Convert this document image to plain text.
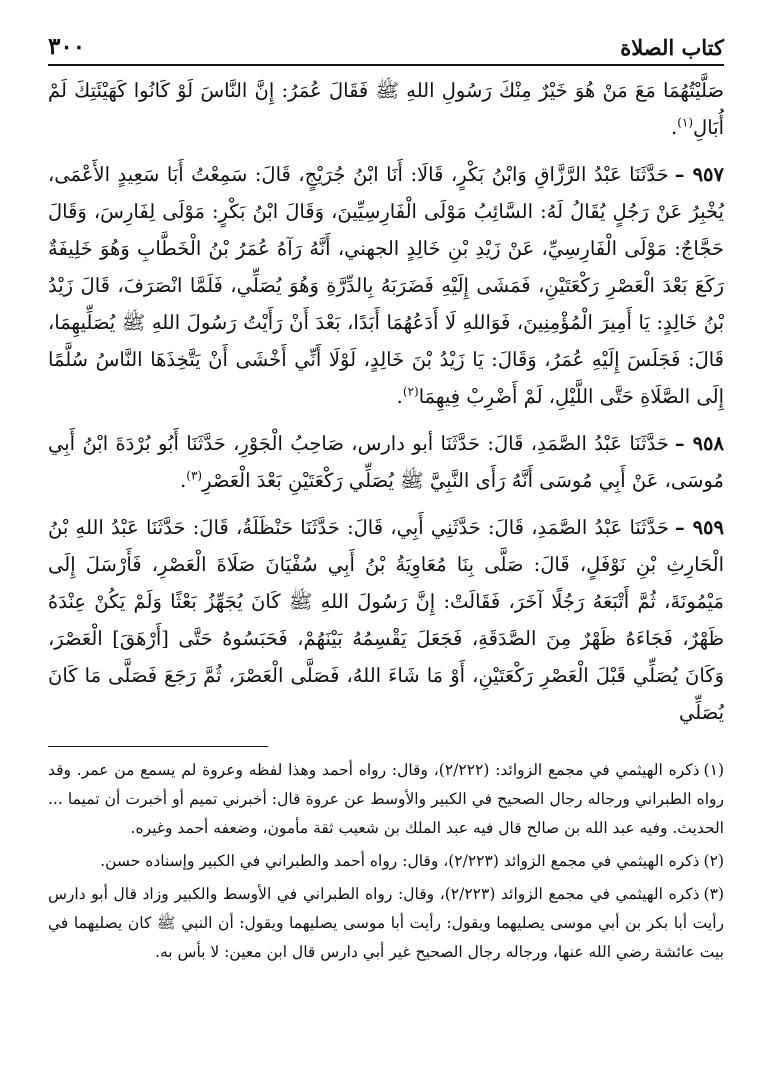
كتاب الصلاة
٣٠٠

صَلَّيْتُهُمَا مَعَ مَنْ هُوَ خَيْرٌ مِنْكَ رَسُولِ اللهِ ﷺ فَقَالَ عُمَرُ: إِنَّ النَّاسَ لَوْ كَانُوا كَهَيْئَتِكَ لَمْ أُبَالِ$^{(١)}$.

٩٥٧ –حَدَّثَنَا عَبْدُ الرَّزَّاقِ وَابْنُ بَكْرٍ، قَالَا: أَنَا ابْنُ جُرَيْجٍ، قَالَ: سَمِعْتُ أَبَا سَعِيدٍ الأَعْمَى، يُخْبِرُ عَنْ رَجُلٍ يُقَالُ لَهُ: السَّائِبُ مَوْلَى الْفَارِسِيِّينَ، وَقَالَ ابْنُ بَكْرٍ: مَوْلَى لِفَارِسَ، وَقَالَ حَجَّاجٌ: مَوْلَى الْفَارِسِيِّ، عَنْ زَيْدِ بْنِ خَالِدٍ الجهني، أَنَّهُ رَآهُ عُمَرُ بْنُ الْخَطَّابِ وَهُوَ خَلِيفَةٌ رَكَعَ بَعْدَ الْعَصْرِ رَكْعَتَيْنِ، فَمَشَى إِلَيْهِ فَضَرَبَهُ بِالدِّرَّةِ وَهُوَ يُصَلِّي، فَلَمَّا انْصَرَفَ، قَالَ زَيْدُ بْنُ خَالِدٍ: يَا أَمِيرَ الْمُؤْمِنِينَ، فَوَاللهِ لَا أَدَعُهُمَا أَبَدًا، بَعْدَ أَنْ رَأَيْتُ رَسُولَ اللهِ ﷺ يُصَلِّيهِمَا، قَالَ: فَجَلَسَ إِلَيْهِ عُمَرُ، وَقَالَ: يَا زَيْدُ بْنَ خَالِدٍ، لَوْلَا أَنِّي أَخْشَى أَنْ يَتَّخِذَهَا النَّاسُ سُلَّمًا إِلَى الصَّلَاةِ حَتَّى اللَّيْلِ، لَمْ أَضْرِبْ فِيهِمَا$^{(٢)}$.

٩٥٨ –حَدَّثَنَا عَبْدُ الصَّمَدِ، قَالَ: حَدَّثَنَا أبو دارس، صَاحِبُ الْجَوْرِ، حَدَّثَنَا أَبُو بُرْدَةَ ابْنُ أَبِي مُوسَى، عَنْ أَبِي مُوسَى أَنَّهُ رَأَى النَّبِيَّ ﷺ يُصَلِّي رَكْعَتَيْنِ بَعْدَ الْعَصْرِ$^{(٣)}$.

٩٥٩ –حَدَّثَنَا عَبْدُ الصَّمَدِ، قَالَ: حَدَّثَنِي أَبِي، قَالَ: حَدَّثَنَا حَنْظَلَةُ، قَالَ: حَدَّثَنَا عَبْدُ اللهِ بْنُ الْحَارِثِ بْنِ نَوْفَلٍ، قَالَ: صَلَّى بِنَا مُعَاوِيَةُ بْنُ أَبِي سُفْيَانَ صَلَاةَ الْعَصْرِ، فَأَرْسَلَ إِلَى مَيْمُونَةَ، ثُمَّ أَتْبَعَهُ رَجُلًا آخَرَ، فَقَالَتْ: إِنَّ رَسُولَ اللهِ ﷺ كَانَ يُجَهِّزُ بَعْثًا وَلَمْ يَكُنْ عِنْدَهُ ظَهْرٌ، فَجَاءَهُ ظَهْرٌ مِنَ الصَّدَقَةِ، فَجَعَلَ يَقْسِمُهُ بَيْنَهُمْ، فَحَبَسُوهُ حَتَّى [أَرْهَقَ] الْعَصْرَ، وَكَانَ يُصَلِّي قَبْلَ الْعَصْرِ رَكْعَتَيْنِ، أَوْ مَا شَاءَ اللهُ، فَصَلَّى الْعَصْرَ، ثُمَّ رَجَعَ فَصَلَّى مَا كَانَ يُصَلِّي

(١)ذكره الهيثمي في مجمع الزوائد: (٢/٢٢٢)، وقال: رواه أحمد وهذا لفظه وعروة لم يسمع من عمر. وقد رواه الطبراني ورجاله رجال الصحيح في الكبير والأوسط عن عروة قال: أخبرني تميم أو أخبرت أن تميما ... الحديث. وفيه عبد الله بن صالح قال فيه عبد الملك بن شعيب ثقة مأمون، وضعفه أحمد وغيره.

(٢)ذكره الهيثمي في مجمع الزوائد (٢/٢٢٣)، وقال: رواه أحمد والطبراني في الكبير وإسناده حسن.

(٣)ذكره الهيثمي في مجمع الزوائد (٢/٢٢٣)، وقال: رواه الطبراني في الأوسط والكبير وزاد قال أبو دارس رأيت أبا بكر بن أبي موسى يصليهما ويقول: رأيت أبا موسى يصليهما ويقول: أن النبي ﷺ كان يصليهما في بيت عائشة رضي الله عنها، ورجاله رجال الصحيح غير أبي دارس قال ابن معين: لا بأس به.
